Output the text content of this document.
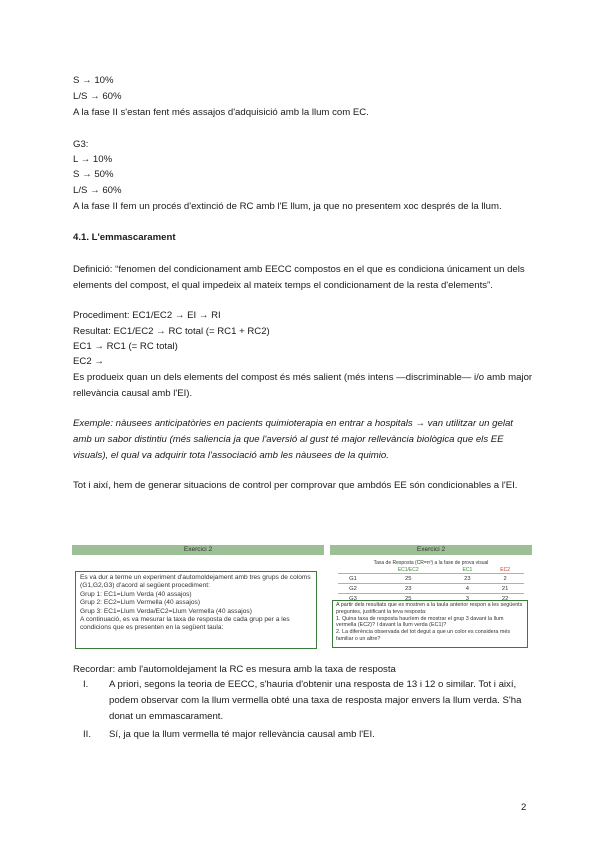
S → 10%
L/S → 60%
A la fase II s'estan fent més assajos d'adquisició amb la llum com EC.
G3:
L → 10%
S → 50%
L/S → 60%
A la fase II fem un procés d'extinció de RC amb l'E llum, ja que no presentem xoc després de la llum.
4.1. L'emmascarament
Definició: “fenomen del condicionament amb EECC compostos en el que es condiciona únicament un dels elements del compost, el qual impedeix al mateix temps el condicionament de la resta d'elements”.
Procediment: EC1/EC2 → EI → RI
Resultat: EC1/EC2 → RC total (= RC1 + RC2)
EC1 → RC1 (= RC total)
EC2 →
Es produeix quan un dels elements del compost és més salient (més intens —discriminable— i/o amb major rellevància causal amb l'EI).
Exemple: nàusees anticipatòries en pacients quimioterapia en entrar a hospitals → van utilitzar un gelat amb un sabor distintiu (més saliencia ja que l'aversió al gust té major rellevància biològica que els EE visuals), el qual va adquirir tota l'associació amb les nàusees de la quimio.
Tot i així, hem de generar situacions de control per comprovar que ambdós EE són condicionables a l'EI.
Exercici 2
Es va dur a terme un experiment d'automoldejament amb tres grups de coloms (G1,G2,G3) d'acord al següent procediment:
Grup 1: EC1=Llum Verda (40 assajos)
Grup 2: EC2=Llum Vermella (40 assajos)
Grup 3: EC1=Llum Verda/EC2=Llum Vermella (40 assajos)
A continuació, es va mesurar la taxa de resposta de cada grup per a les condicions que es presenten en la següent taula:
Exercici 2
Taxa de Resposta (CR=nº) a la fase de prova visual			
	EC1/EC2	EC1	EC2
G1	25	23	2
G2	23	4	21
G3	25	3	22
A partir dels resultats que es mostren a la taula anterior respon a les següents preguntes, justificant la teva resposta:
1. Quina taxa de resposta hauríem de mostrar el grup 3 davant la llum vermella (EC2)? I davant la llum verda (EC1)?
2. La diferència observada del tot degut a que un color es considera més familiar o un altre?
Recordar: amb l'automoldejament la RC es mesura amb la taxa de resposta
I. A priori, segons la teoria de EECC, s'hauria d'obtenir una resposta de 13 i 12 o similar. Tot i així, podem observar com la llum vermella obté una taxa de resposta major envers la llum verda. S'ha donat un emmascarament.
II. Sí, ja que la llum vermella té major rellevància causal amb l'EI.
2
